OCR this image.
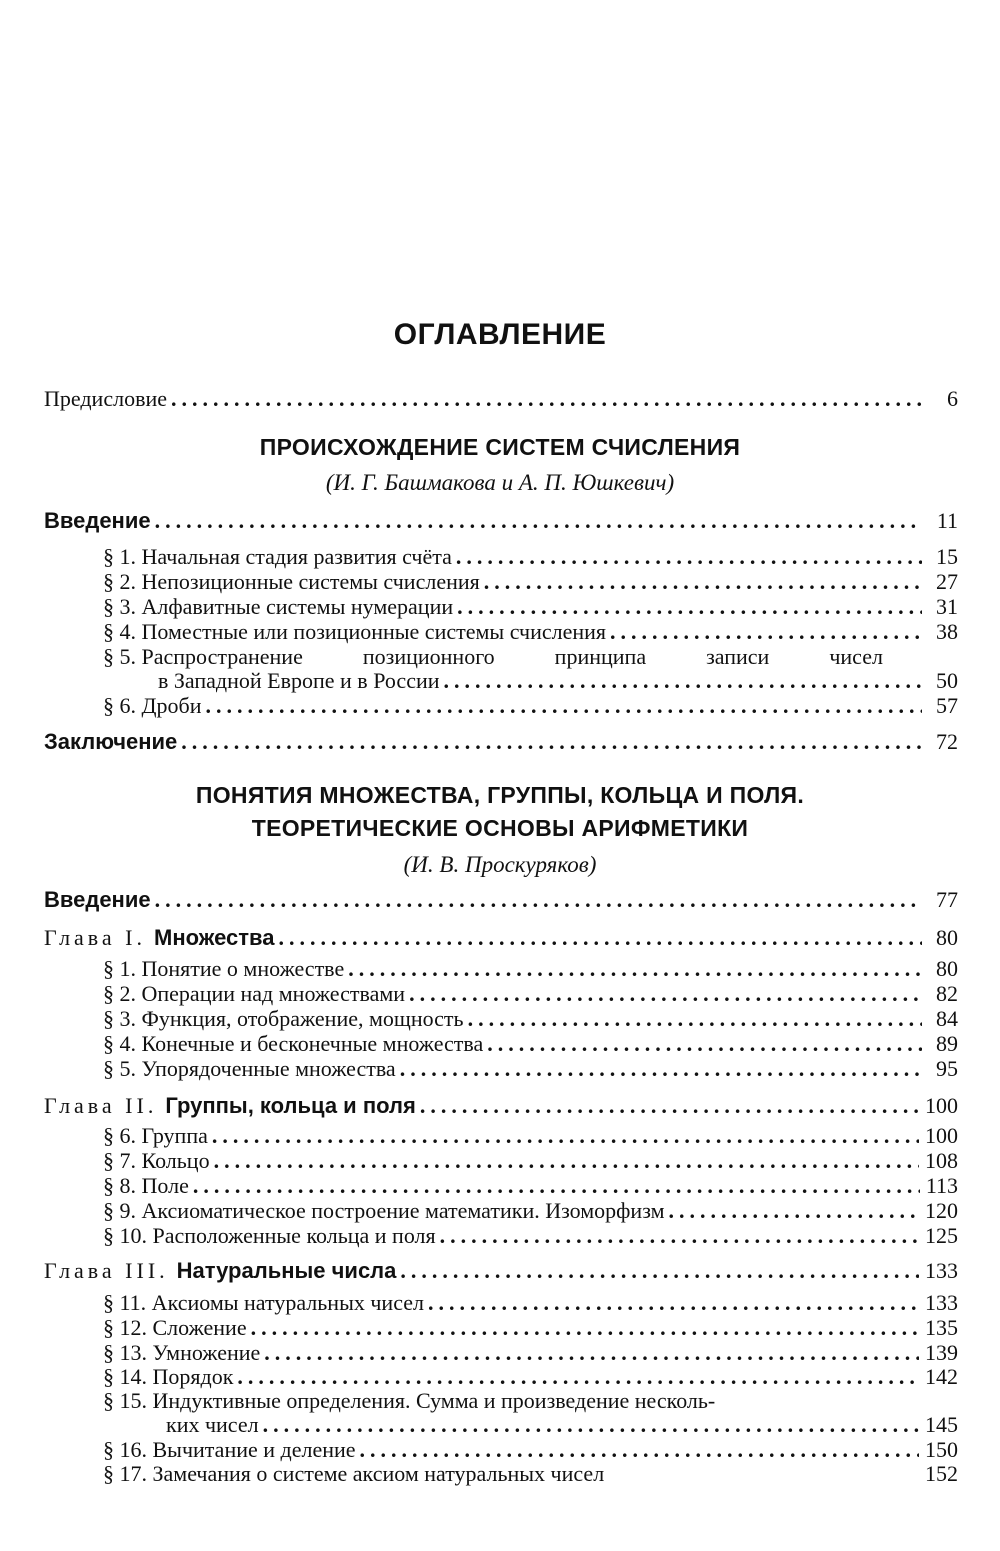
ОГЛАВЛЕНИЕ
Предисловие .....	6
ПРОИСХОЖДЕНИЕ СИСТЕМ СЧИСЛЕНИЯ
(И. Г. Башмакова и А. П. Юшкевич)
Введение .....	11
§ 1. Начальная стадия развития счёта .....	15
§ 2. Непозиционные системы счисления .....	27
§ 3. Алфавитные системы нумерации .....	31
§ 4. Поместные или позиционные системы счисления .....	38
§ 5. Распространение	позиционного	принципа	записи	чисел
в Западной Европе и в России .....	50
§ 6. Дроби .....	57
Заключение .....	72
ПОНЯТИЯ МНОЖЕСТВА, ГРУППЫ, КОЛЬЦА И ПОЛЯ.
ТЕОРЕТИЧЕСКИЕ ОСНОВЫ АРИФМЕТИКИ
(И. В. Проскуряков)
Введение .....	77
Глава I. Множества .....	80
§ 1. Понятие о множестве .....	80
§ 2. Операции над множествами .....	82
§ 3. Функция, отображение, мощность .....	84
§ 4. Конечные и бесконечные множества .....	89
§ 5. Упорядоченные множества .....	95
Глава II. Группы, кольца и поля .....	100
§ 6. Группа .....	100
§ 7. Кольцо .....	108
§ 8. Поле .....	113
§ 9. Аксиоматическое построение математики. Изоморфизм .....	120
§ 10. Расположенные кольца и поля .....	125
Глава III. Натуральные числа .....	133
§ 11. Аксиомы натуральных чисел .....	133
§ 12. Сложение .....	135
§ 13. Умножение .....	139
§ 14. Порядок .....	142
§ 15. Индуктивные определения. Сумма и произведение несколь-
ких чисел .....	145
§ 16. Вычитание и деление .....	150
§ 17. Замечания о системе аксиом натуральных чисел	152
